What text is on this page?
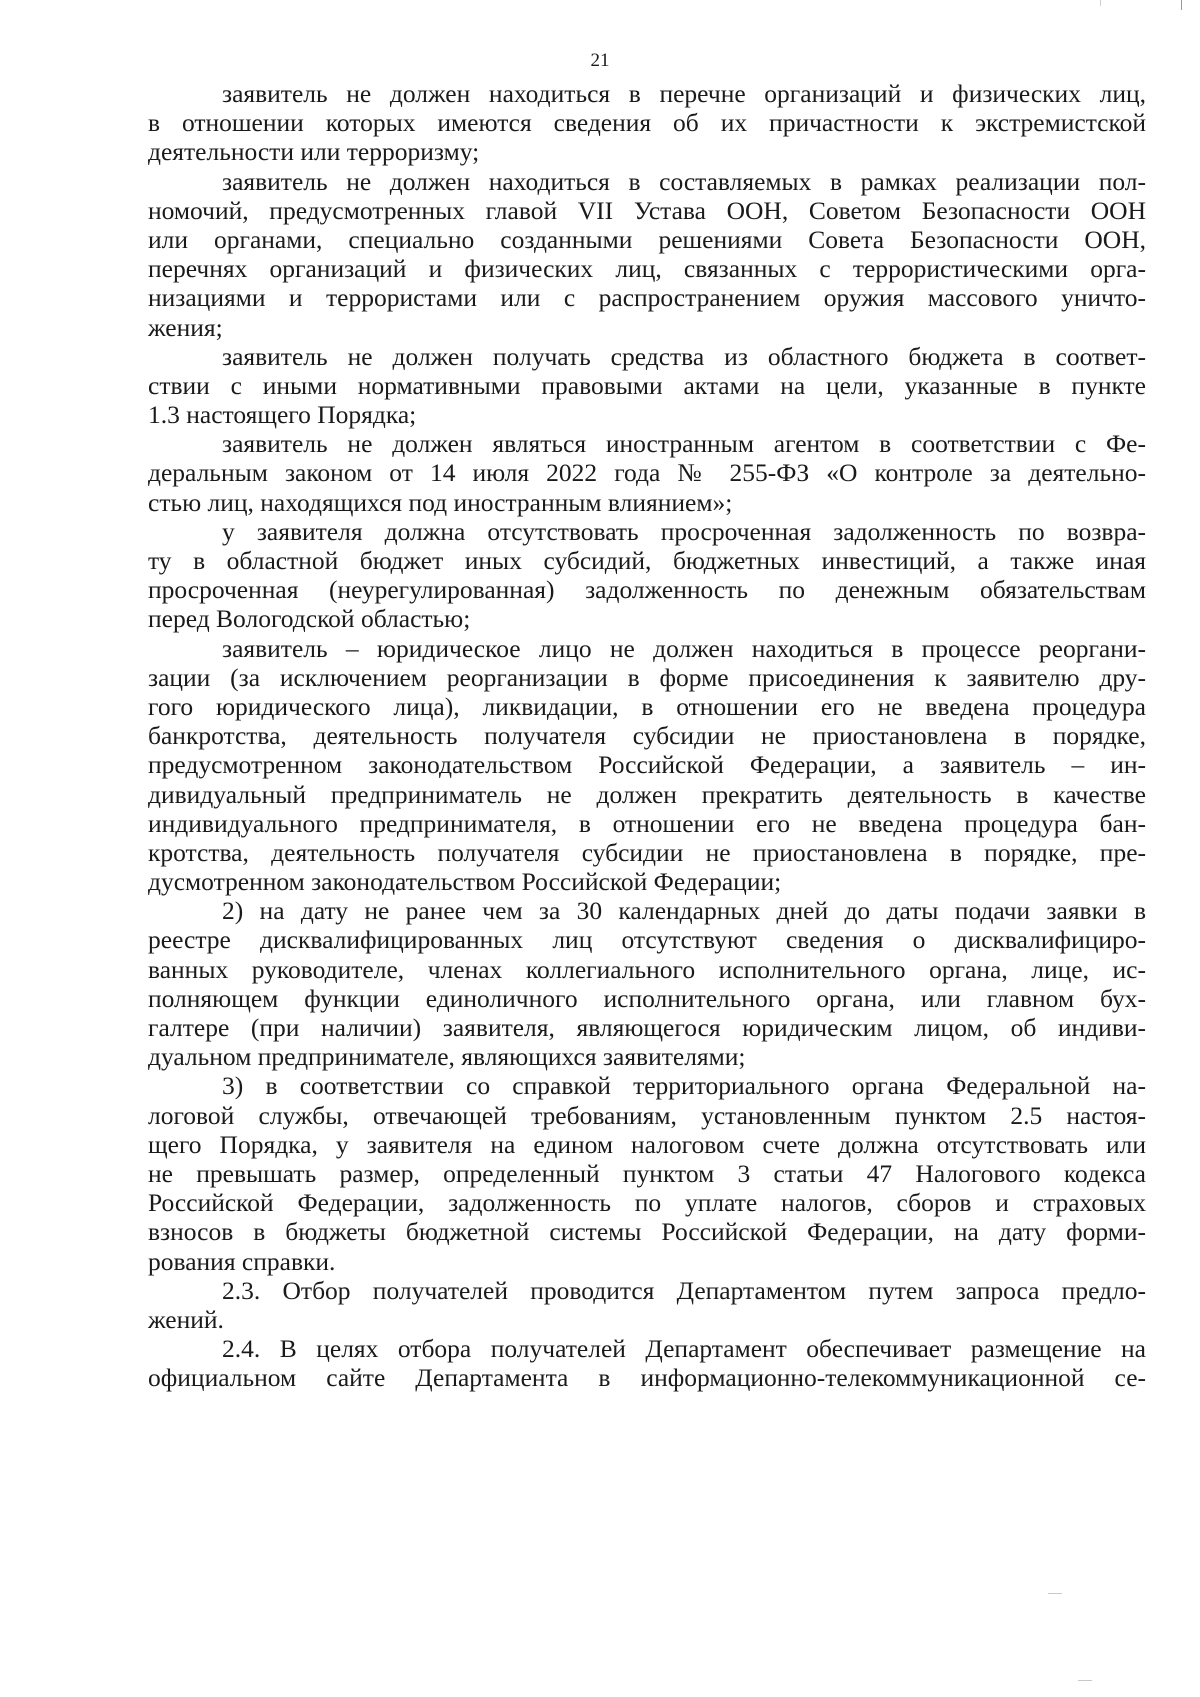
21
заявитель не должен находиться в перечне организаций и физических лиц,
в отношении которых имеются сведения об их причастности к экстремистской
деятельности или терроризму;
заявитель не должен находиться в составляемых в рамках реализации пол-
номочий, предусмотренных главой VII Устава ООН, Советом Безопасности ООН
или органами, специально созданными решениями Совета Безопасности ООН,
перечнях организаций и физических лиц, связанных с террористическими орга-
низациями и террористами или с распространением оружия массового уничто-
жения;
заявитель не должен получать средства из областного бюджета в соответ-
ствии с иными нормативными правовыми актами на цели, указанные в пункте
1.3 настоящего Порядка;
заявитель не должен являться иностранным агентом в соответствии с Фе-
деральным законом от 14 июля 2022 года № 255-ФЗ «О контроле за деятельно-
стью лиц, находящихся под иностранным влиянием»;
у заявителя должна отсутствовать просроченная задолженность по возвра-
ту в областной бюджет иных субсидий, бюджетных инвестиций, а также иная
просроченная (неурегулированная) задолженность по денежным обязательствам
перед Вологодской областью;
заявитель – юридическое лицо не должен находиться в процессе реоргани-
зации (за исключением реорганизации в форме присоединения к заявителю дру-
гого юридического лица), ликвидации, в отношении его не введена процедура
банкротства, деятельность получателя субсидии не приостановлена в порядке,
предусмотренном законодательством Российской Федерации, а заявитель – ин-
дивидуальный предприниматель не должен прекратить деятельность в качестве
индивидуального предпринимателя, в отношении его не введена процедура бан-
кротства, деятельность получателя субсидии не приостановлена в порядке, пре-
дусмотренном законодательством Российской Федерации;
2) на дату не ранее чем за 30 календарных дней до даты подачи заявки в
реестре дисквалифицированных лиц отсутствуют сведения о дисквалифициро-
ванных руководителе, членах коллегиального исполнительного органа, лице, ис-
полняющем функции единоличного исполнительного органа, или главном бух-
галтере (при наличии) заявителя, являющегося юридическим лицом, об индиви-
дуальном предпринимателе, являющихся заявителями;
3) в соответствии со справкой территориального органа Федеральной на-
логовой службы, отвечающей требованиям, установленным пунктом 2.5 настоя-
щего Порядка, у заявителя на едином налоговом счете должна отсутствовать или
не превышать размер, определенный пунктом 3 статьи 47 Налогового кодекса
Российской Федерации, задолженность по уплате налогов, сборов и страховых
взносов в бюджеты бюджетной системы Российской Федерации, на дату форми-
рования справки.
2.3. Отбор получателей проводится Департаментом путем запроса предло-
жений.
2.4. В целях отбора получателей Департамент обеспечивает размещение на
официальном сайте Департамента в информационно-телекоммуникационной се-
